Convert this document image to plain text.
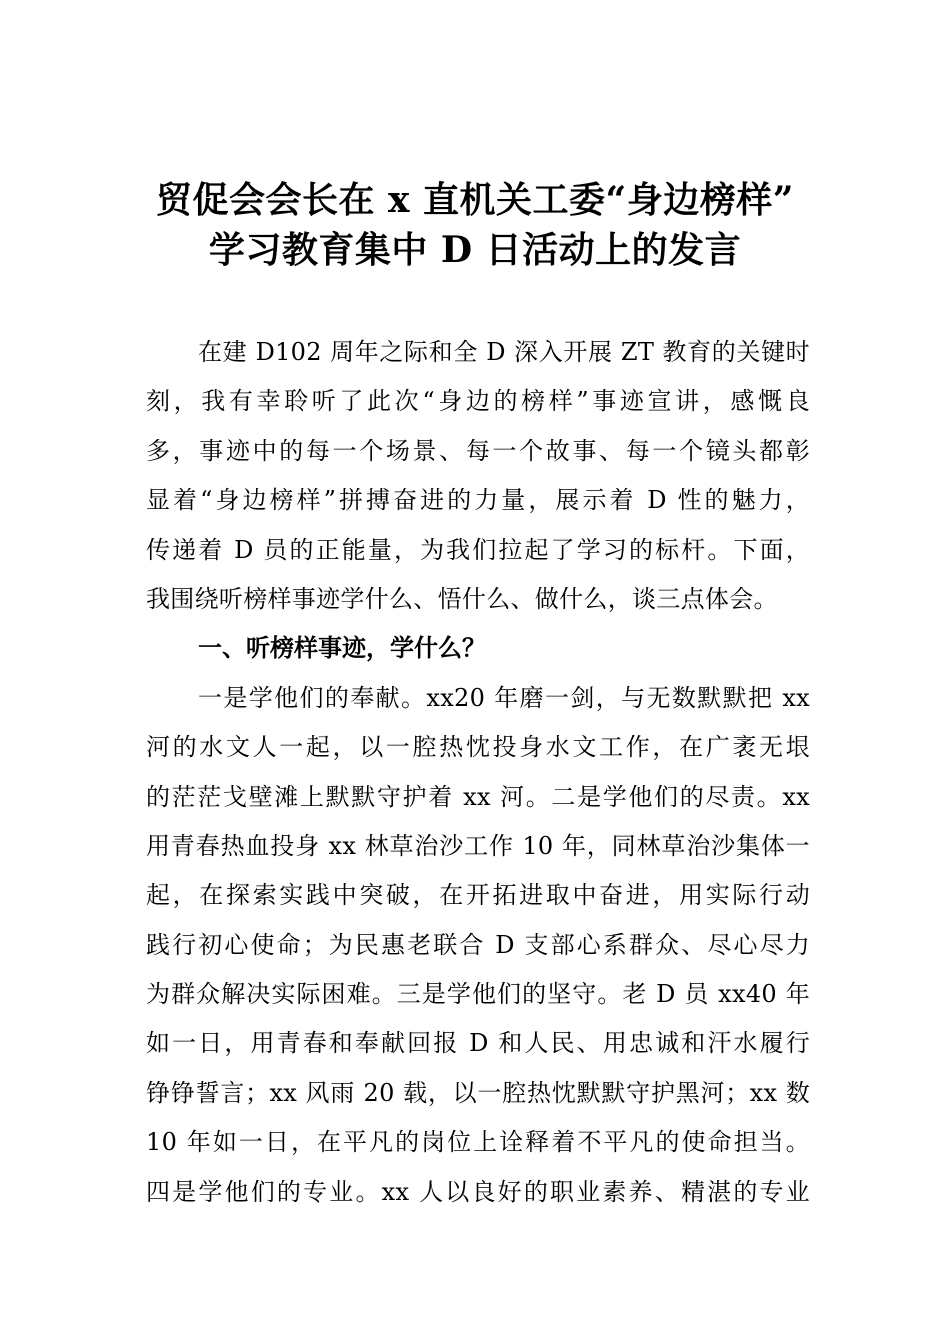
贸促会会长在 x 直机关工委“身边榜样”
学习教育集中 D 日活动上的发言
在建 D102 周年之际和全 D 深入开展 ZT 教育的关键时
刻，我有幸聆听了此次“身边的榜样”事迹宣讲，感慨良
多，事迹中的每一个场景、每一个故事、每一个镜头都彰
显着“身边榜样”拼搏奋进的力量，展示着 D 性的魅力，
传递着 D 员的正能量，为我们拉起了学习的标杆。下面，
我围绕听榜样事迹学什么、悟什么、做什么，谈三点体会。
一、听榜样事迹，学什么？
一是学他们的奉献。xx20 年磨一剑，与无数默默把 xx
河的水文人一起，以一腔热忱投身水文工作，在广袤无垠
的茫茫戈壁滩上默默守护着 xx 河。二是学他们的尽责。xx
用青春热血投身 xx 林草治沙工作 10 年，同林草治沙集体一
起，在探索实践中突破，在开拓进取中奋进，用实际行动
践行初心使命；为民惠老联合 D 支部心系群众、尽心尽力
为群众解决实际困难。三是学他们的坚守。老 D 员 xx40 年
如一日，用青春和奉献回报 D 和人民、用忠诚和汗水履行
铮铮誓言；xx 风雨 20 载，以一腔热忱默默守护黑河；xx 数
10 年如一日，在平凡的岗位上诠释着不平凡的使命担当。
四是学他们的专业。xx 人以良好的职业素养、精湛的专业
